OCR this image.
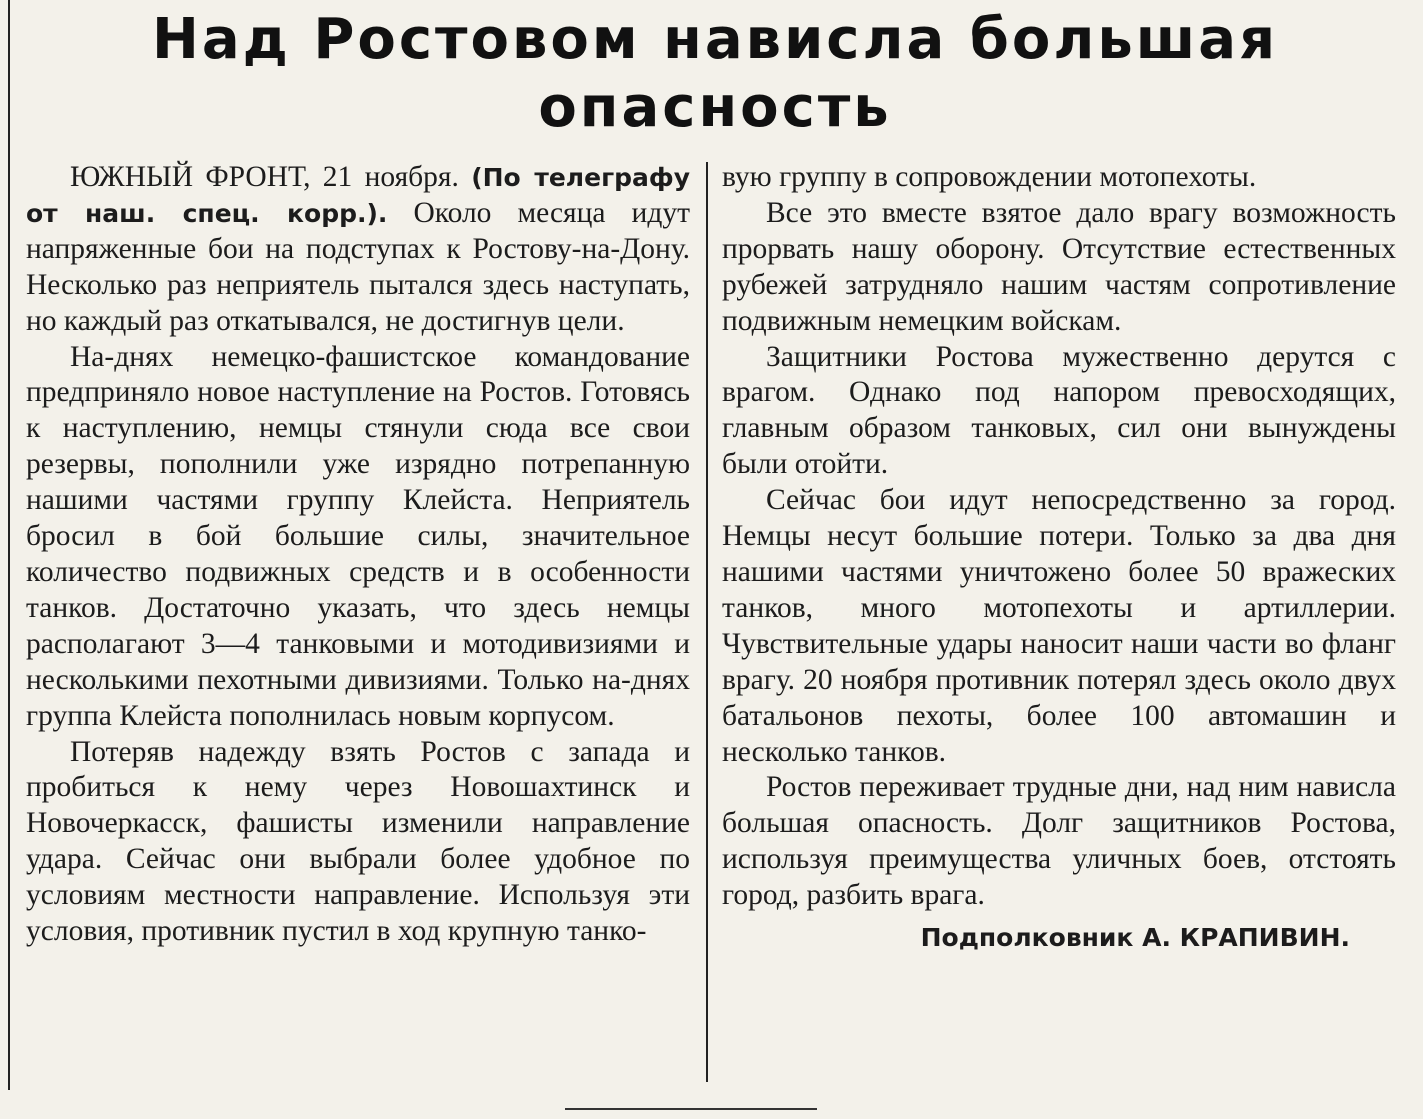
Над Ростовом нависла большая опасность

ЮЖНЫЙ ФРОНТ, 21 ноября. (По телеграфу от наш. спец. корр.). Около месяца идут напряженные бои на подступах к Ростову-на-Дону. Несколько раз неприятель пытался здесь наступать, но каждый раз откатывался, не достигнув цели.

На-днях немецко-фашистское командование предприняло новое наступление на Ростов. Готовясь к наступлению, немцы стянули сюда все свои резервы, пополнили уже изрядно потрепанную нашими частями группу Клейста. Неприятель бросил в бой большие силы, значительное количество подвижных средств и в особенности танков. Достаточно указать, что здесь немцы располагают 3—4 танковыми и мотодивизиями и несколькими пехотными дивизиями. Только на-днях группа Клейста пополнилась новым корпусом.

Потеряв надежду взять Ростов с запада и пробиться к нему через Новошахтинск и Новочеркасск, фашисты изменили направление удара. Сейчас они выбрали более удобное по условиям местности направление. Используя эти условия, противник пустил в ход крупную танко-

вую группу в сопровождении мотопехоты.

Все это вместе взятое дало врагу возможность прорвать нашу оборону. Отсутствие естественных рубежей затрудняло нашим частям сопротивление подвижным немецким войскам.

Защитники Ростова мужественно дерутся с врагом. Однако под напором превосходящих, главным образом танковых, сил они вынуждены были отойти.

Сейчас бои идут непосредственно за город. Немцы несут большие потери. Только за два дня нашими частями уничтожено более 50 вражеских танков, много мотопехоты и артиллерии. Чувствительные удары наносит наши части во фланг врагу. 20 ноября противник потерял здесь около двух батальонов пехоты, более 100 автомашин и несколько танков.

Ростов переживает трудные дни, над ним нависла большая опасность. Долг защитников Ростова, используя преимущества уличных боев, отстоять город, разбить врага.

Подполковник А. КРАПИВИН.
